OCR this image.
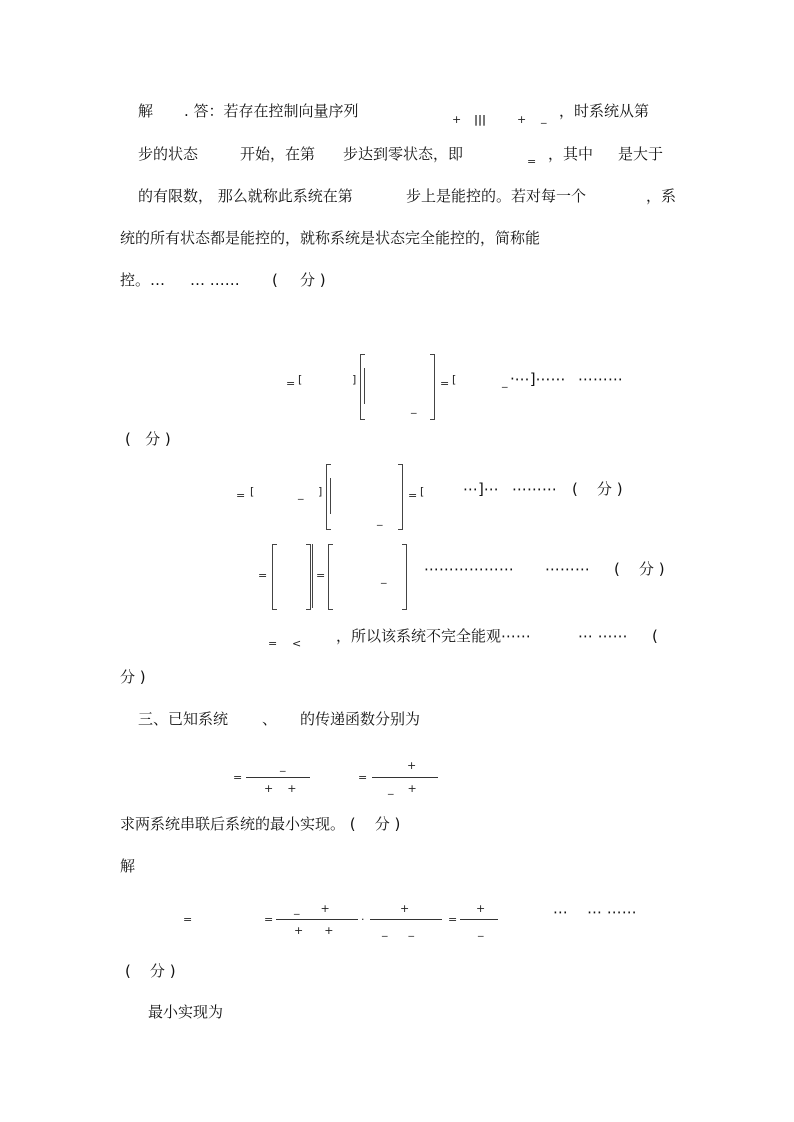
解 . 答：若存在控制向量序列	+ |||	+ _ ，时系统从第
步的状态	开始，在第 步达到零状态，即	= ，其中 是大于
的有限数， 那么就称此系统在第	步上是能控的。若对每一个	，系
统的所有状态都是能控的，就称系统是状态完全能控的，简称能
控。… … …… ( 分 )
= [	]
_
= [	_ ·⋯]⋯⋯ ⋯⋯⋯
(   分 )
= [	_ ]
_
= [	⋯]⋯ ⋯⋯⋯ (    分 )
=	=	_	⋯⋯⋯⋯⋯⋯ ⋯⋯⋯ (    分 )
= < ，所以该系统不完全能观⋯⋯	⋯ ⋯⋯ (
分 )
三、已知系统 、 的传递函数分别为
=
_
+    +
=
+
_    +
求两系统串联后系统的最小实现。 (    分 )
解
=	=
_      +
+      +
·
+
_      _
=
+
_
⋯    ⋯ ⋯⋯
(    分 )
最小实现为
